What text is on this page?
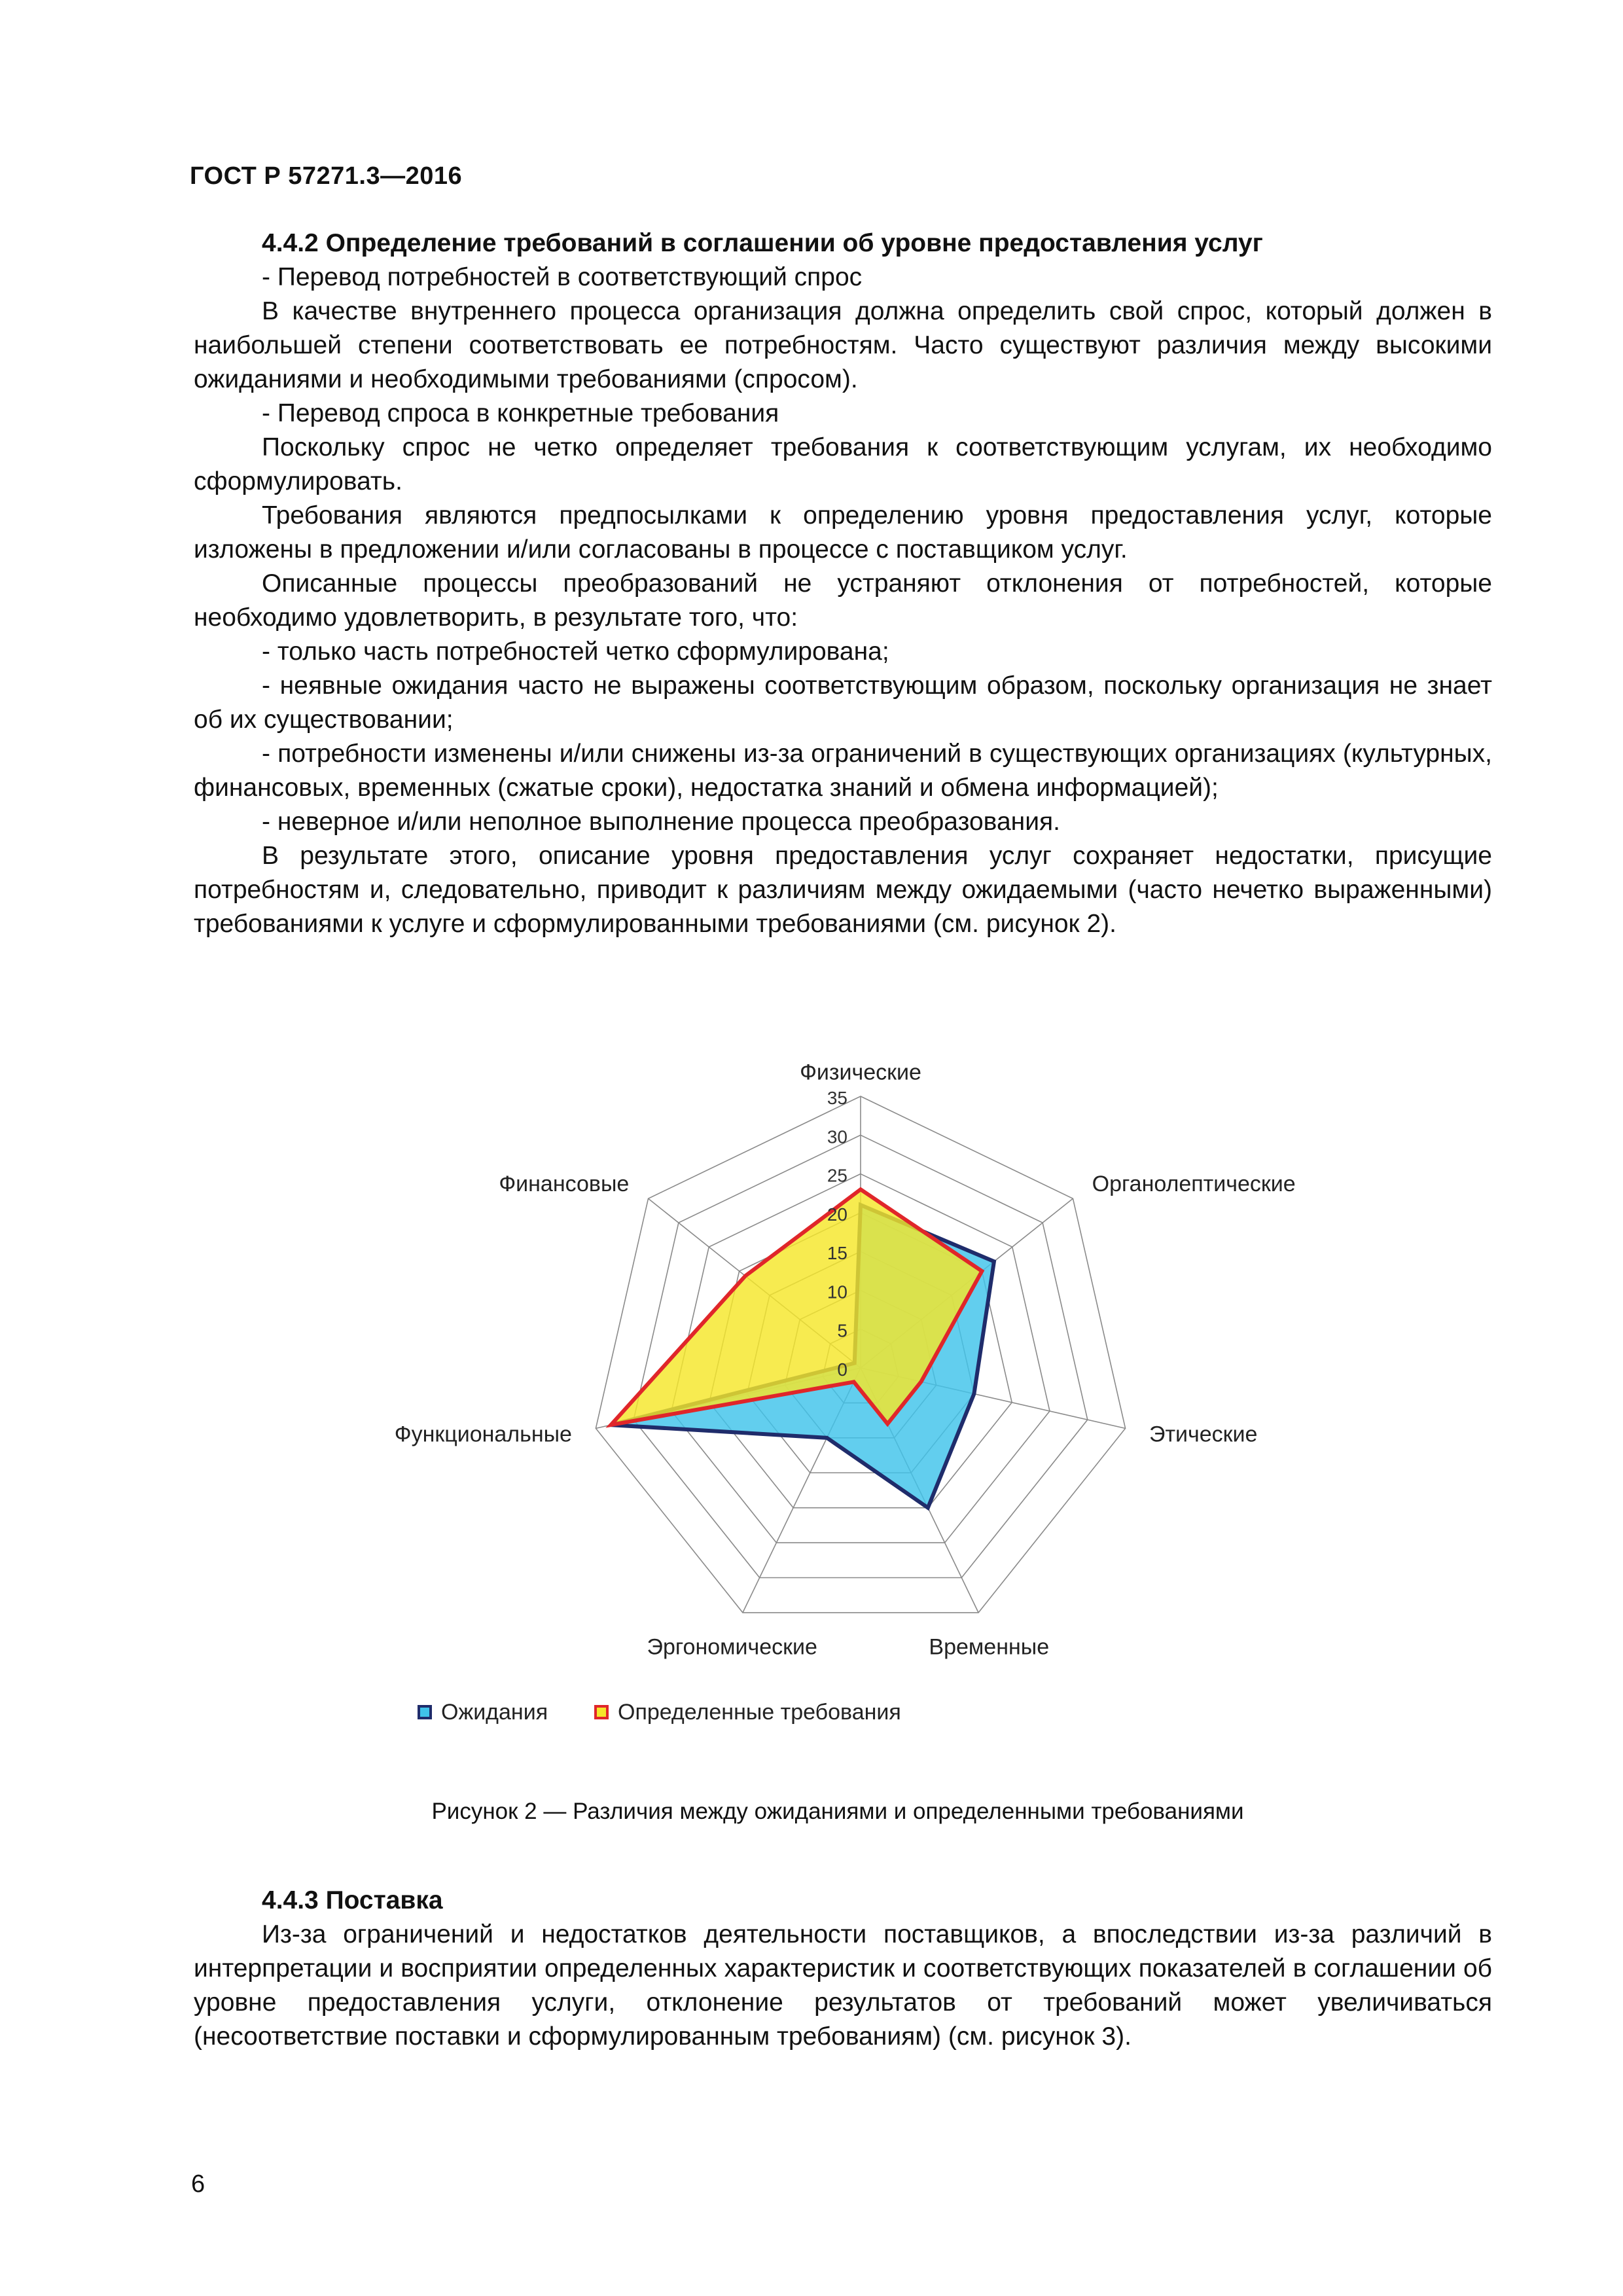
ГОСТ Р 57271.3—2016

4.4.2 Определение требований в соглашении об уровне предоставления услуг

- Перевод потребностей в соответствующий спрос

В качестве внутреннего процесса организация должна определить свой спрос, который должен в наибольшей степени соответствовать ее потребностям. Часто существуют различия между высокими ожиданиями и необходимыми требованиями (спросом).

- Перевод спроса в конкретные требования

Поскольку спрос не четко определяет требования к соответствующим услугам, их необходимо сформулировать.

Требования являются предпосылками к определению уровня предоставления услуг, которые изложены в предложении и/или согласованы в процессе с поставщиком услуг.

Описанные процессы преобразований не устраняют отклонения от потребностей, которые необходимо удовлетворить, в результате того, что:

- только часть потребностей четко сформулирована;

- неявные ожидания часто не выражены соответствующим образом, поскольку организация не знает об их существовании;

- потребности изменены и/или снижены из-за ограничений в существующих организациях (культурных, финансовых, временных (сжатые сроки), недостатка знаний и обмена информацией);

- неверное и/или неполное выполнение процесса преобразования.

В результате этого, описание уровня предоставления услуг сохраняет недостатки, присущие потребностям и, следовательно, приводит к различиям между ожидаемыми (часто нечетко выраженными) требованиями к услуге и сформулированными требованиями (см. рисунок 2).

0
5
10
15
20
25
30
35
Физические
Органолептические
Этические
Временные
Эргономические
Функциональные
Финансовые
Ожидания	Определенные требования
Рисунок 2 — Различия между ожиданиями и определенными требованиями

4.4.3 Поставка

Из-за ограничений и недостатков деятельности поставщиков, а впоследствии из-за различий в интерпретации и восприятии определенных характеристик и соответствующих показателей в соглашении об уровне предоставления услуги, отклонение результатов от требований может увеличиваться (несоответствие поставки и сформулированным требованиям) (см. рисунок 3).

6
